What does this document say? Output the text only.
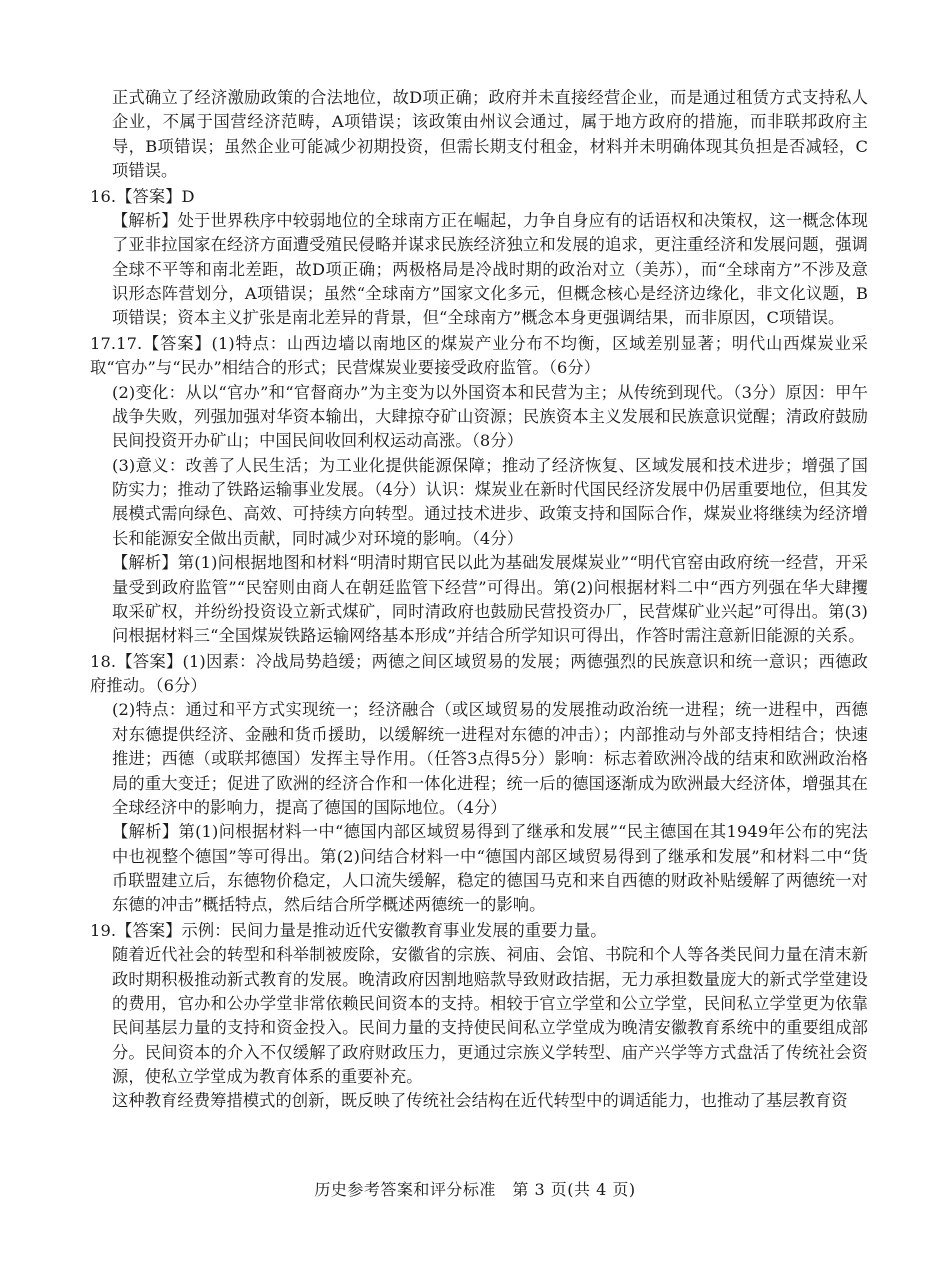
正式确立了经济激励政策的合法地位，故D项正确；政府并未直接经营企业，而是通过租赁方式支持私人企业，不属于国营经济范畴，A项错误；该政策由州议会通过，属于地方政府的措施，而非联邦政府主导，B项错误；虽然企业可能减少初期投资，但需长期支付租金，材料并未明确体现其负担是否减轻，C项错误。

16.【答案】D

【解析】处于世界秩序中较弱地位的全球南方正在崛起，力争自身应有的话语权和决策权，这一概念体现了亚非拉国家在经济方面遭受殖民侵略并谋求民族经济独立和发展的追求，更注重经济和发展问题，强调全球不平等和南北差距，故D项正确；两极格局是冷战时期的政治对立（美苏），而“全球南方”不涉及意识形态阵营划分，A项错误；虽然“全球南方”国家文化多元，但概念核心是经济边缘化，非文化议题，B项错误；资本主义扩张是南北差异的背景，但“全球南方”概念本身更强调结果，而非原因，C项错误。

17.17.【答案】(1)特点：山西边墙以南地区的煤炭产业分布不均衡，区域差别显著；明代山西煤炭业采取“官办”与“民办”相结合的形式；民营煤炭业要接受政府监管。（6分）

(2)变化：从以“官办”和“官督商办”为主变为以外国资本和民营为主；从传统到现代。（3分）原因：甲午战争失败，列强加强对华资本输出，大肆掠夺矿山资源；民族资本主义发展和民族意识觉醒；清政府鼓励民间投资开办矿山；中国民间收回利权运动高涨。（8分）

(3)意义：改善了人民生活；为工业化提供能源保障；推动了经济恢复、区域发展和技术进步；增强了国防实力；推动了铁路运输事业发展。（4分）认识：煤炭业在新时代国民经济发展中仍居重要地位，但其发展模式需向绿色、高效、可持续方向转型。通过技术进步、政策支持和国际合作，煤炭业将继续为经济增长和能源安全做出贡献，同时减少对环境的影响。（4分）

【解析】第(1)问根据地图和材料“明清时期官民以此为基础发展煤炭业”“明代官窑由政府统一经营，开采量受到政府监管”“民窑则由商人在朝廷监管下经营”可得出。第(2)问根据材料二中“西方列强在华大肆攫取采矿权，并纷纷投资设立新式煤矿，同时清政府也鼓励民营投资办厂，民营煤矿业兴起”可得出。第(3)问根据材料三“全国煤炭铁路运输网络基本形成”并结合所学知识可得出，作答时需注意新旧能源的关系。

18.【答案】(1)因素：冷战局势趋缓；两德之间区域贸易的发展；两德强烈的民族意识和统一意识；西德政府推动。（6分）

(2)特点：通过和平方式实现统一；经济融合（或区域贸易的发展推动政治统一进程；统一进程中，西德对东德提供经济、金融和货币援助，以缓解统一进程对东德的冲击）；内部推动与外部支持相结合；快速推进；西德（或联邦德国）发挥主导作用。（任答3点得5分）影响：标志着欧洲冷战的结束和欧洲政治格局的重大变迁；促进了欧洲的经济合作和一体化进程；统一后的德国逐渐成为欧洲最大经济体，增强其在全球经济中的影响力，提高了德国的国际地位。（4分）

【解析】第(1)问根据材料一中“德国内部区域贸易得到了继承和发展”“民主德国在其1949年公布的宪法中也视整个德国”等可得出。第(2)问结合材料一中“德国内部区域贸易得到了继承和发展”和材料二中“货币联盟建立后，东德物价稳定，人口流失缓解，稳定的德国马克和来自西德的财政补贴缓解了两德统一对东德的冲击”概括特点，然后结合所学概述两德统一的影响。

19.【答案】示例：民间力量是推动近代安徽教育事业发展的重要力量。

随着近代社会的转型和科举制被废除，安徽省的宗族、祠庙、会馆、书院和个人等各类民间力量在清末新政时期积极推动新式教育的发展。晚清政府因割地赔款导致财政拮据，无力承担数量庞大的新式学堂建设的费用，官办和公办学堂非常依赖民间资本的支持。相较于官立学堂和公立学堂，民间私立学堂更为依靠民间基层力量的支持和资金投入。民间力量的支持使民间私立学堂成为晚清安徽教育系统中的重要组成部分。民间资本的介入不仅缓解了政府财政压力，更通过宗族义学转型、庙产兴学等方式盘活了传统社会资源，使私立学堂成为教育体系的重要补充。

这种教育经费筹措模式的创新，既反映了传统社会结构在近代转型中的调适能力，也推动了基层教育资

历史参考答案和评分标准　第 3 页(共 4 页)
